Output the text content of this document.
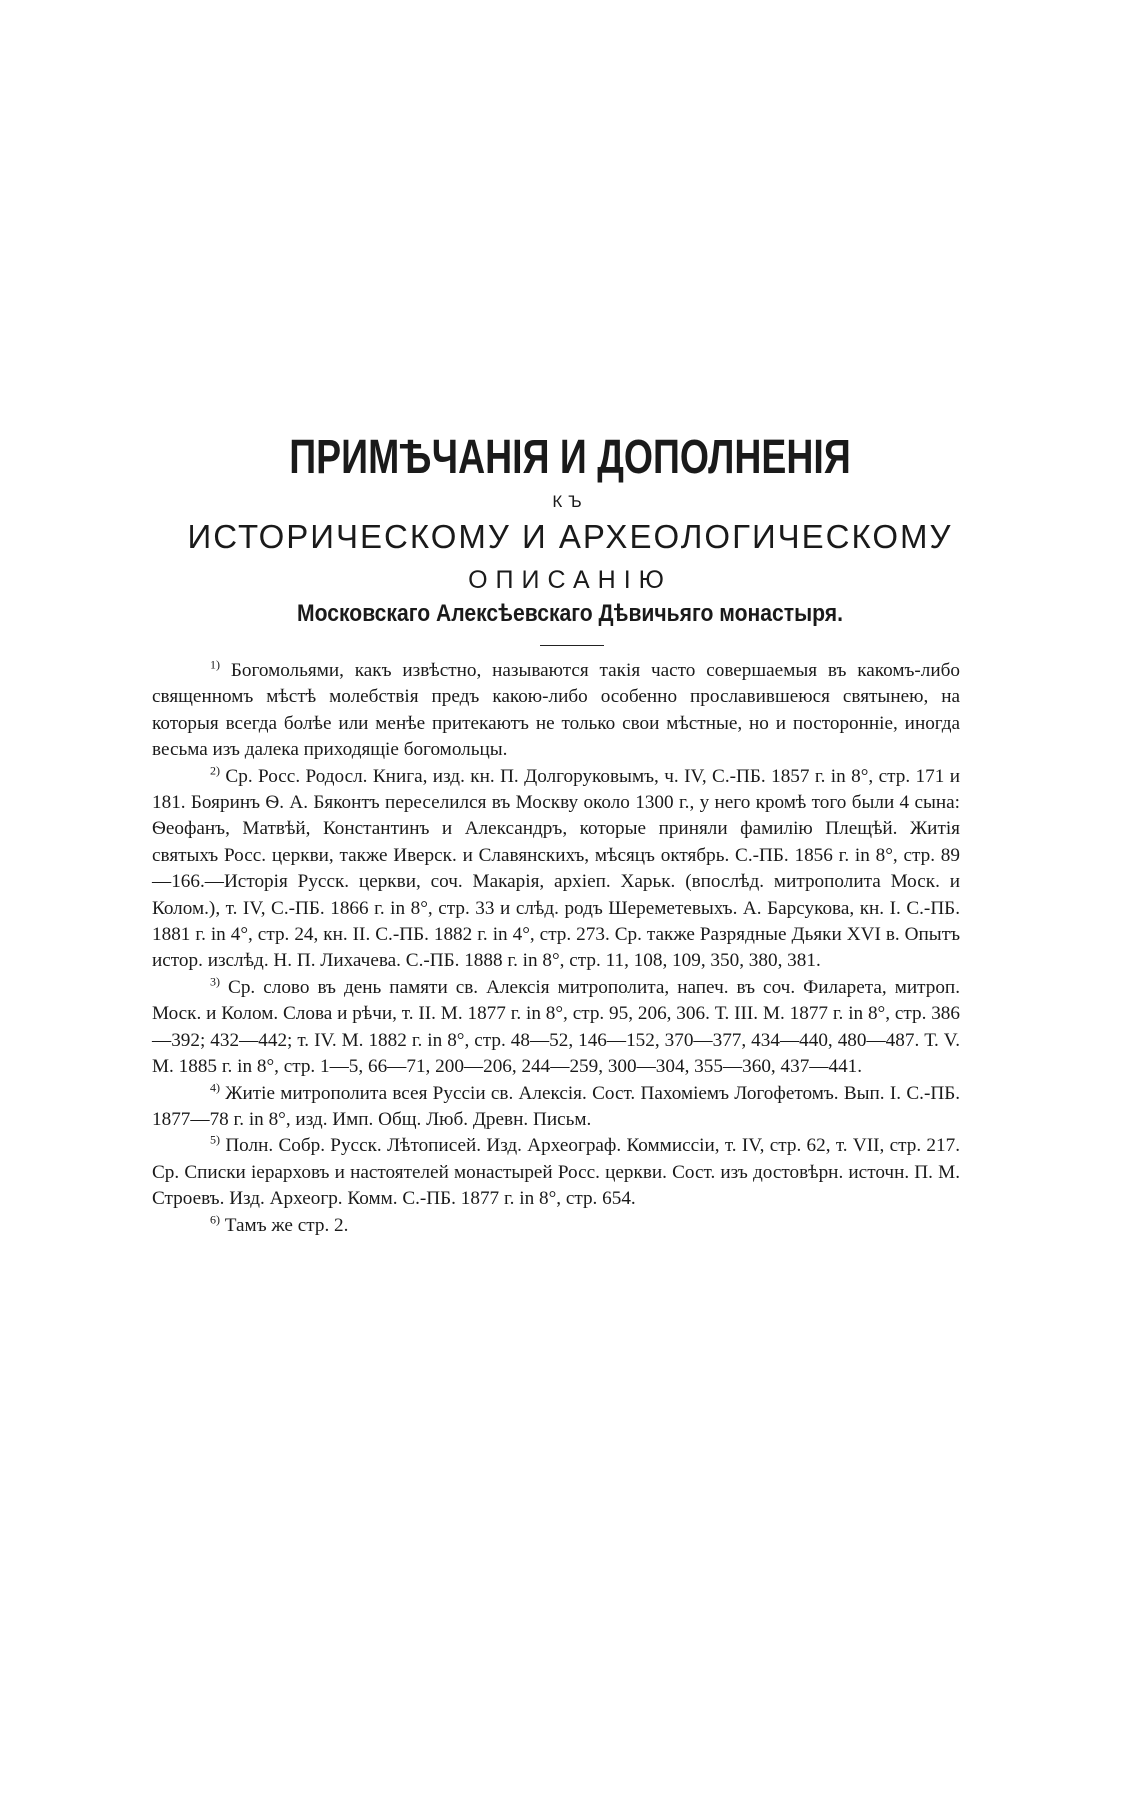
ПРИМѢЧАНІЯ И ДОПОЛНЕНІЯ
КЪ
ИСТОРИЧЕСКОМУ И АРХЕОЛОГИЧЕСКОМУ
ОПИСАНІЮ
Московскаго Алексѣевскаго Дѣвичьяго монастыря.

$^{1)}$ Богомольями, какъ извѣстно, называются такія часто совершаемыя въ какомъ-либо священномъ мѣстѣ молебствія предъ какою-либо особенно прославившеюся святынею, на которыя всегда болѣе или менѣе притекаютъ не только свои мѣстные, но и посторонніе, иногда весьма изъ далека приходящіе богомольцы.

$^{2)}$ Ср. Росс. Родосл. Книга, изд. кн. П. Долгоруковымъ, ч. IV, С.-ПБ. 1857 г. in 8°, стр. 171 и 181. Бояринъ Ѳ. А. Бяконтъ переселился въ Москву около 1300 г., у него кромѣ того были 4 сына: Ѳеофанъ, Матвѣй, Константинъ и Александръ, которые приняли фамилію Плещѣй. Житія святыхъ Росс. церкви, также Иверск. и Славянскихъ, мѣсяцъ октябрь. С.-ПБ. 1856 г. in 8°, стр. 89—166.—Исторія Русск. церкви, соч. Макарія, архіеп. Харьк. (впослѣд. митрополита Моск. и Колом.), т. IV, С.-ПБ. 1866 г. in 8°, стр. 33 и слѣд. родъ Шереметевыхъ. А. Барсукова, кн. I. С.-ПБ. 1881 г. in 4°, стр. 24, кн. II. С.-ПБ. 1882 г. in 4°, стр. 273. Ср. также Разрядные Дьяки XVI в. Опытъ истор. изслѣд. Н. П. Лихачева. С.-ПБ. 1888 г. in 8°, стр. 11, 108, 109, 350, 380, 381.

$^{3)}$ Ср. слово въ день памяти св. Алексія митрополита, напеч. въ соч. Филарета, митроп. Моск. и Колом. Слова и рѣчи, т. II. М. 1877 г. in 8°, стр. 95, 206, 306. Т. III. М. 1877 г. in 8°, стр. 386—392; 432—442; т. IV. М. 1882 г. in 8°, стр. 48—52, 146—152, 370—377, 434—440, 480—487. Т. V. М. 1885 г. in 8°, стр. 1—5, 66—71, 200—206, 244—259, 300—304, 355—360, 437—441.

$^{4)}$ Житіе митрополита всея Руссіи св. Алексія. Сост. Пахоміемъ Логофетомъ. Вып. I. С.-ПБ. 1877—78 г. in 8°, изд. Имп. Общ. Люб. Древн. Письм.

$^{5)}$ Полн. Собр. Русск. Лѣтописей. Изд. Археограф. Коммиссіи, т. IV, стр. 62, т. VII, стр. 217. Ср. Списки іерарховъ и настоятелей монастырей Росс. церкви. Сост. изъ достовѣрн. источн. П. М. Строевъ. Изд. Археогр. Комм. С.-ПБ. 1877 г. in 8°, стр. 654.

$^{6)}$ Тамъ же стр. 2.
